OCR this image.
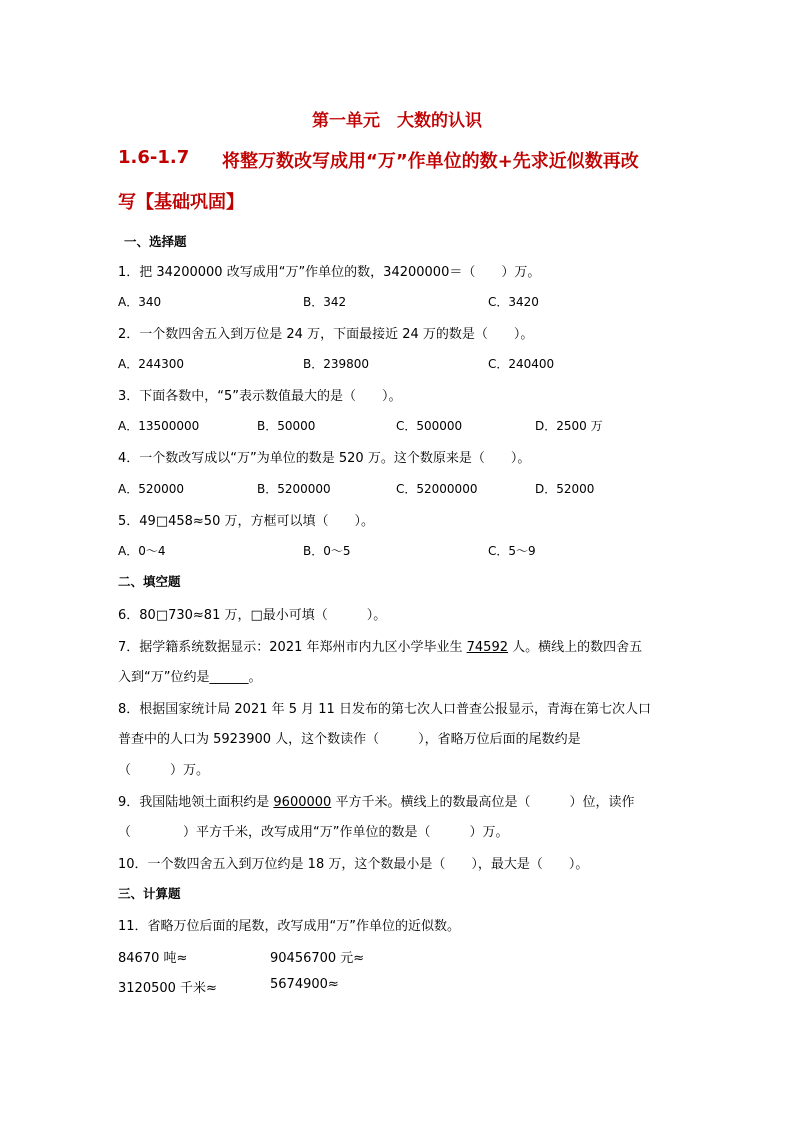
第一单元　大数的认识
1.6-1.7 将整万数改写成用“万”作单位的数+先求近似数再改
写【基础巩固】
一、选择题
1．把 34200000 改写成用“万”作单位的数，34200000＝（　　）万。
A．340	B．342	C．3420
2．一个数四舍五入到万位是 24 万，下面最接近 24 万的数是（　　）。
A．244300	B．239800	C．240400
3．下面各数中，“5”表示数值最大的是（　　）。
A．13500000	B．50000	C．500000	D．2500 万
4．一个数改写成以“万”为单位的数是 520 万。这个数原来是（　　）。
A．520000	B．5200000	C．52000000	D．52000
5．49□458≈50 万，方框可以填（　　）。
A．0～4	B．0～5	C．5～9
二、填空题
6．80□730≈81 万，□最小可填（　　　）。
7．据学籍系统数据显示：2021 年郑州市内九区小学毕业生 74592 人。横线上的数四舍五
入到“万”位约是______。
8．根据国家统计局 2021 年 5 月 11 日发布的第七次人口普查公报显示，青海在第七次人口
普查中的人口为 5923900 人，这个数读作（　　　），省略万位后面的尾数约是
（　　　）万。
9．我国陆地领土面积约是 9600000 平方千米。横线上的数最高位是（　　　）位，读作
（　　　　）平方千米，改写成用“万”作单位的数是（　　　）万。
10．一个数四舍五入到万位约是 18 万，这个数最小是（　　），最大是（　　）。
三、计算题
11．省略万位后面的尾数，改写成用“万”作单位的近似数。
84670 吨≈	90456700 元≈
3120500 千米≈	5674900≈
